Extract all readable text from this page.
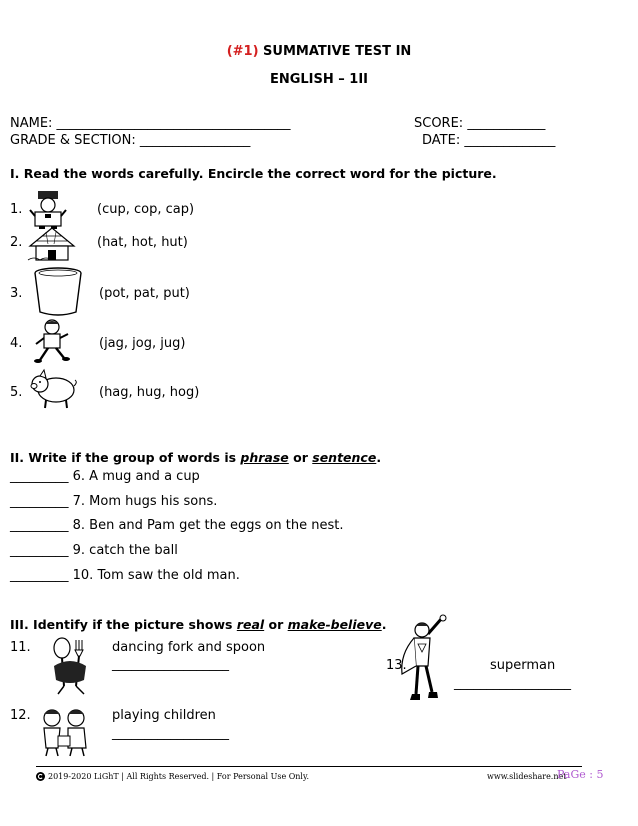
(#1) SUMMATIVE TEST IN
ENGLISH – 1II
NAME: ____________________________________	SCORE: ____________
GRADE & SECTION: _________________	DATE: ______________
I. Read the words carefully. Encircle the correct word for the picture.
1.	(cup, cop, cap)
2.	(hat, hot, hut)
3.	(pot, pat, put)
4.	(jag, jog, jug)
5.	(hag, hug, hog)
II. Write if the group of words is phrase or sentence.
_________ 6. A mug and a cup
_________ 7. Mom hugs his sons.
_________ 8. Ben and Pam get the eggs on the nest.
_________ 9. catch the ball
_________ 10. Tom saw the old man.
III. Identify if the picture shows real or make-believe.
11.	dancing fork and spoon
__________________	13.	superman
__________________
12.	playing children
__________________
2019-2020 LiGhT | All Rights Reserved. | For Personal Use Only.	www.slideshare.net
PaGe : 5
